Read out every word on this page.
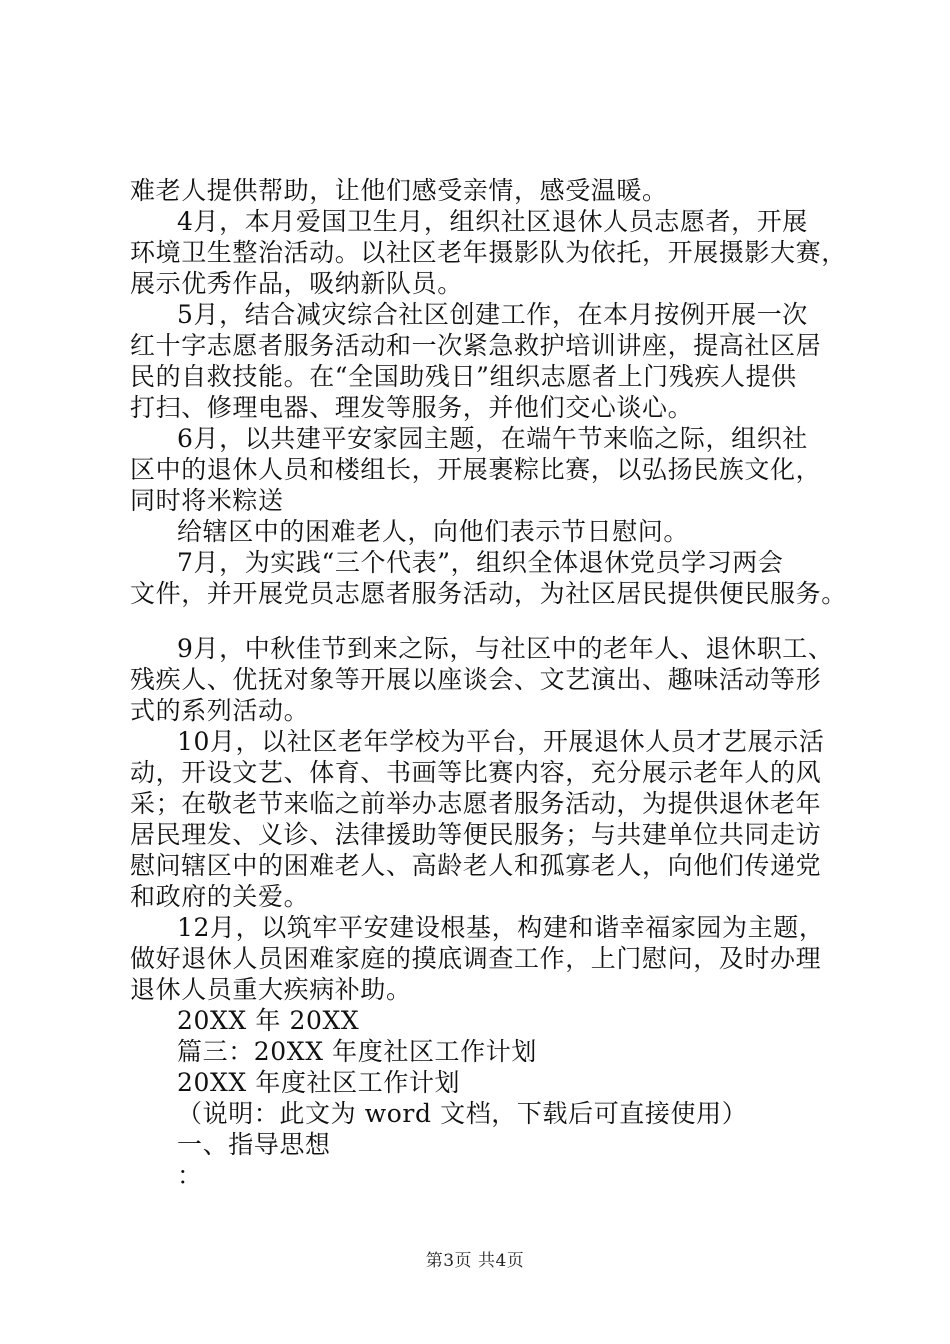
难老人提供帮助，让他们感受亲情，感受温暖。
4月，本月爱国卫生月，组织社区退休人员志愿者，开展
环境卫生整治活动。以社区老年摄影队为依托，开展摄影大赛，
展示优秀作品，吸纳新队员。
5月，结合减灾综合社区创建工作，在本月按例开展一次
红十字志愿者服务活动和一次紧急救护培训讲座，提高社区居
民的自救技能。在“全国助残日”组织志愿者上门残疾人提供
打扫、修理电器、理发等服务，并他们交心谈心。
6月，以共建平安家园主题，在端午节来临之际，组织社
区中的退休人员和楼组长，开展裹粽比赛，以弘扬民族文化，
同时将米粽送
给辖区中的困难老人，向他们表示节日慰问。
7月，为实践“三个代表”，组织全体退休党员学习两会
文件，并开展党员志愿者服务活动，为社区居民提供便民服务。
9月，中秋佳节到来之际，与社区中的老年人、退休职工、
残疾人、优抚对象等开展以座谈会、文艺演出、趣味活动等形
式的系列活动。
10月，以社区老年学校为平台，开展退休人员才艺展示活
动，开设文艺、体育、书画等比赛内容，充分展示老年人的风
采；在敬老节来临之前举办志愿者服务活动，为提供退休老年
居民理发、义诊、法律援助等便民服务；与共建单位共同走访
慰问辖区中的困难老人、高龄老人和孤寡老人，向他们传递党
和政府的关爱。
12月，以筑牢平安建设根基，构建和谐幸福家园为主题，
做好退休人员困难家庭的摸底调查工作，上门慰问，及时办理
退休人员重大疾病补助。
20XX 年 20XX
篇三：20XX 年度社区工作计划
20XX 年度社区工作计划
（说明：此文为 word 文档，下载后可直接使用）
一、指导思想
：
第3页 共4页
